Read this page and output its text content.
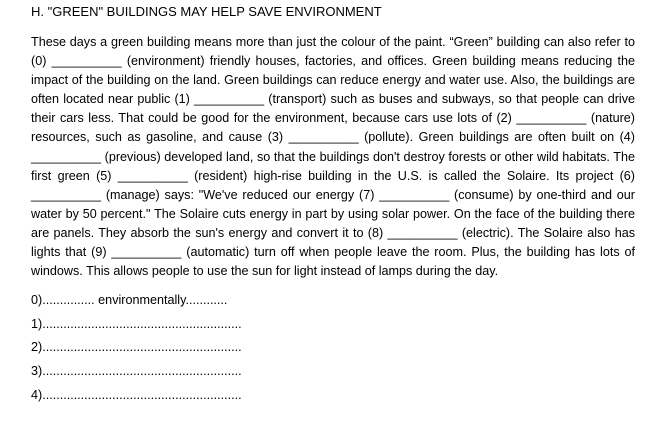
H. "GREEN" BUILDINGS MAY HELP SAVE ENVIRONMENT

These days a green building means more than just the colour of the paint. “Green” building can also refer to (0) __________ (environment) friendly houses, factories, and offices. Green building means reducing the impact of the building on the land. Green buildings can reduce energy and water use. Also, the buildings are often located near public (1) __________ (transport) such as buses and subways, so that people can drive their cars less. That could be good for the environment, because cars use lots of (2) __________ (nature) resources, such as gasoline, and cause (3) __________ (pollute). Green buildings are often built on (4) __________ (previous) developed land, so that the buildings don't destroy forests or other wild habitats. The first green (5) __________ (resident) high-rise building in the U.S. is called the Solaire. Its project (6) __________ (manage) says: "We've reduced our energy (7) __________ (consume) by one-third and our water by 50 percent." The Solaire cuts energy in part by using solar power. On the face of the building there are panels. They absorb the sun's energy and convert it to (8) __________ (electric). The Solaire also has lights that (9) __________ (automatic) turn off when people leave the room. Plus, the building has lots of windows. This allows people to use the sun for light instead of lamps during the day.

0)............... environmentally............
1).........................................................
2).........................................................
3).........................................................
4).........................................................
